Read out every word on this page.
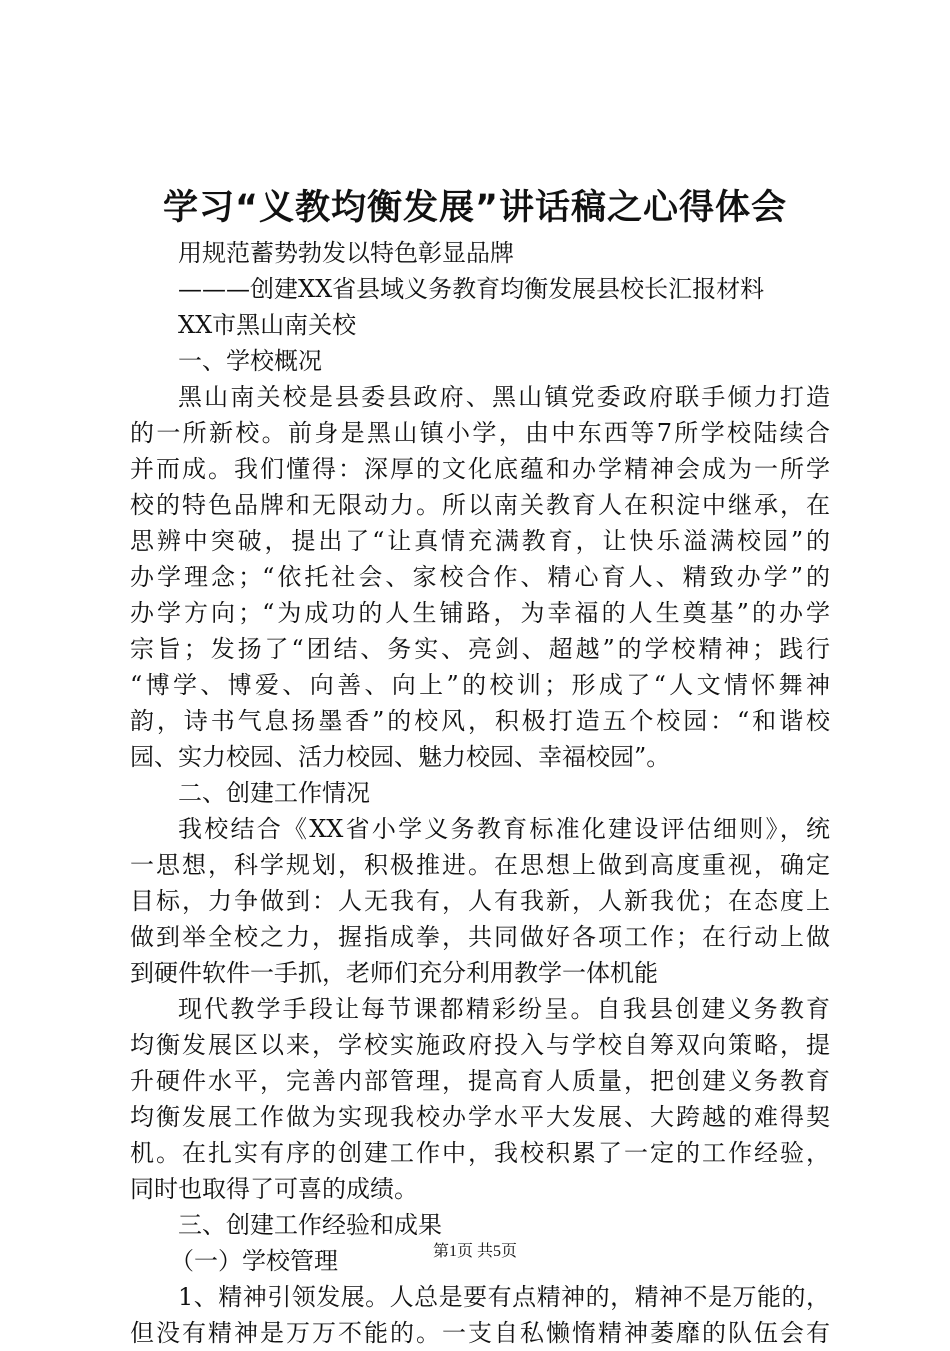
学习“义教均衡发展”讲话稿之心得体会
用规范蓄势勃发以特色彰显品牌
———创建XX省县域义务教育均衡发展县校长汇报材料
XX市黑山南关校
一、学校概况
黑山南关校是县委县政府、黑山镇党委政府联手倾力打造
的一所新校。前身是黑山镇小学，由中东西等7所学校陆续合
并而成。我们懂得：深厚的文化底蕴和办学精神会成为一所学
校的特色品牌和无限动力。所以南关教育人在积淀中继承，在
思辨中突破，提出了“让真情充满教育，让快乐溢满校园”的
办学理念；“依托社会、家校合作、精心育人、精致办学”的
办学方向；“为成功的人生铺路，为幸福的人生奠基”的办学
宗旨；发扬了“团结、务实、亮剑、超越”的学校精神；践行
“博学、博爱、向善、向上”的校训；形成了“人文情怀舞神
韵，诗书气息扬墨香”的校风，积极打造五个校园：“和谐校
园、实力校园、活力校园、魅力校园、幸福校园”。
二、创建工作情况
我校结合《XX省小学义务教育标准化建设评估细则》，统
一思想，科学规划，积极推进。在思想上做到高度重视，确定
目标，力争做到：人无我有，人有我新，人新我优；在态度上
做到举全校之力，握指成拳，共同做好各项工作；在行动上做
到硬件软件一手抓，老师们充分利用教学一体机能
现代教学手段让每节课都精彩纷呈。自我县创建义务教育
均衡发展区以来，学校实施政府投入与学校自筹双向策略，提
升硬件水平，完善内部管理，提高育人质量，把创建义务教育
均衡发展工作做为实现我校办学水平大发展、大跨越的难得契
机。在扎实有序的创建工作中，我校积累了一定的工作经验，
同时也取得了可喜的成绩。
三、创建工作经验和成果
（一）学校管理
1、精神引领发展。人总是要有点精神的，精神不是万能的，
但没有精神是万万不能的。一支自私懒惰精神萎靡的队伍会有
第1页 共5页
